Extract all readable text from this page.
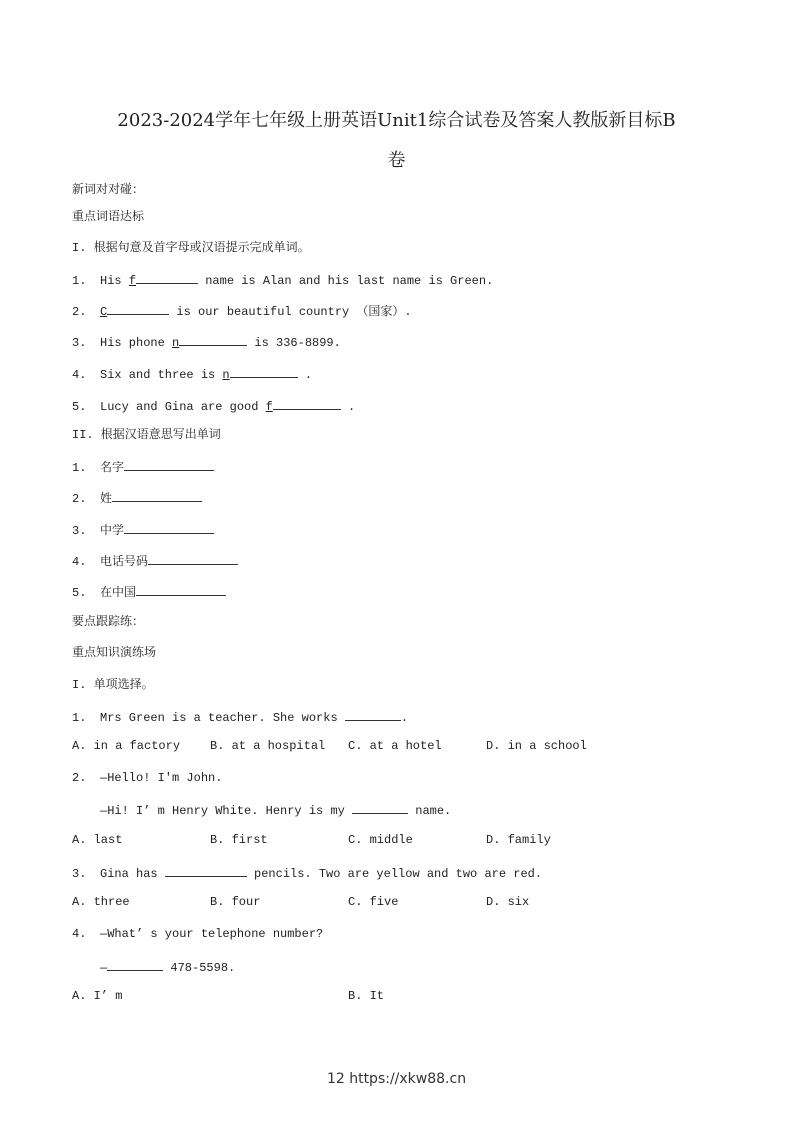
2023-2024学年七年级上册英语Unit1综合试卷及答案人教版新目标B
卷
新词对对碰：
重点词语达标
I. 根据句意及首字母或汉语提示完成单词。
1. His f	name is Alan and his last name is Green.
2. C	is our beautiful country （国家）.
3. His phone n	is 336-8899.
4. Six and three is n	.
5. Lucy and Gina are good f	.
II. 根据汉语意思写出单词
1. 名字
2. 姓
3. 中学
4. 电话号码
5. 在中国
要点跟踪练：
重点知识演练场
I. 单项选择。
1. Mrs Green is a teacher. She works	.
A. in a factory B. at a hospital C. at a hotel	D. in a school
2. —Hello! I'm John.
—Hi! I’ m Henry White. Henry is my	name.
A. last	B. first	C. middle	D. family
3. Gina has	pencils. Two are yellow and two are red.
A. three	B. four	C. five	D. six
4. —What’ s your telephone number?
—	478-5598.
A. I’ m	B. It
12 https://xkw88.cn
